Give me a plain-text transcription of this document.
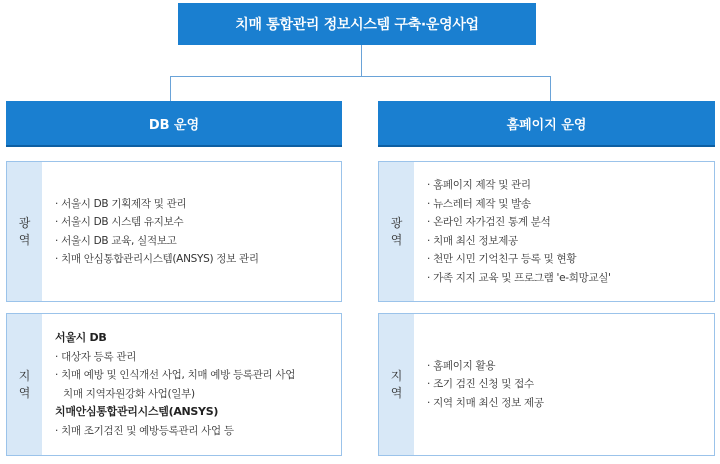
치매 통합관리 정보시스템 구축·운영사업
DB 운영	홈페이지 운영
광
역
· 서울시 DB 기획제작 및 관리
· 서울시 DB 시스템 유지보수
· 서울시 DB 교육, 실적보고
· 치매 안심통합관리시스템(ANSYS) 정보 관리
지
역
서울시 DB
· 대상자 등록 관리
· 치매 예방 및 인식개선 사업, 치매 예방 등록관리 사업
치매 지역자원강화 사업(일부)
치매안심통합관리시스템(ANSYS)
· 치매 조기검진 및 예방등록관리 사업 등
광
역
· 홈페이지 제작 및 관리
· 뉴스레터 제작 및 발송
· 온라인 자가검진 통계 분석
· 치매 최신 정보제공
· 천만 시민 기억친구 등록 및 현황
· 가족 지지 교육 및 프로그램 'e-희망교실'
지
역
· 홈페이지 활용
· 조기 검진 신청 및 접수
· 지역 치매 최신 정보 제공
